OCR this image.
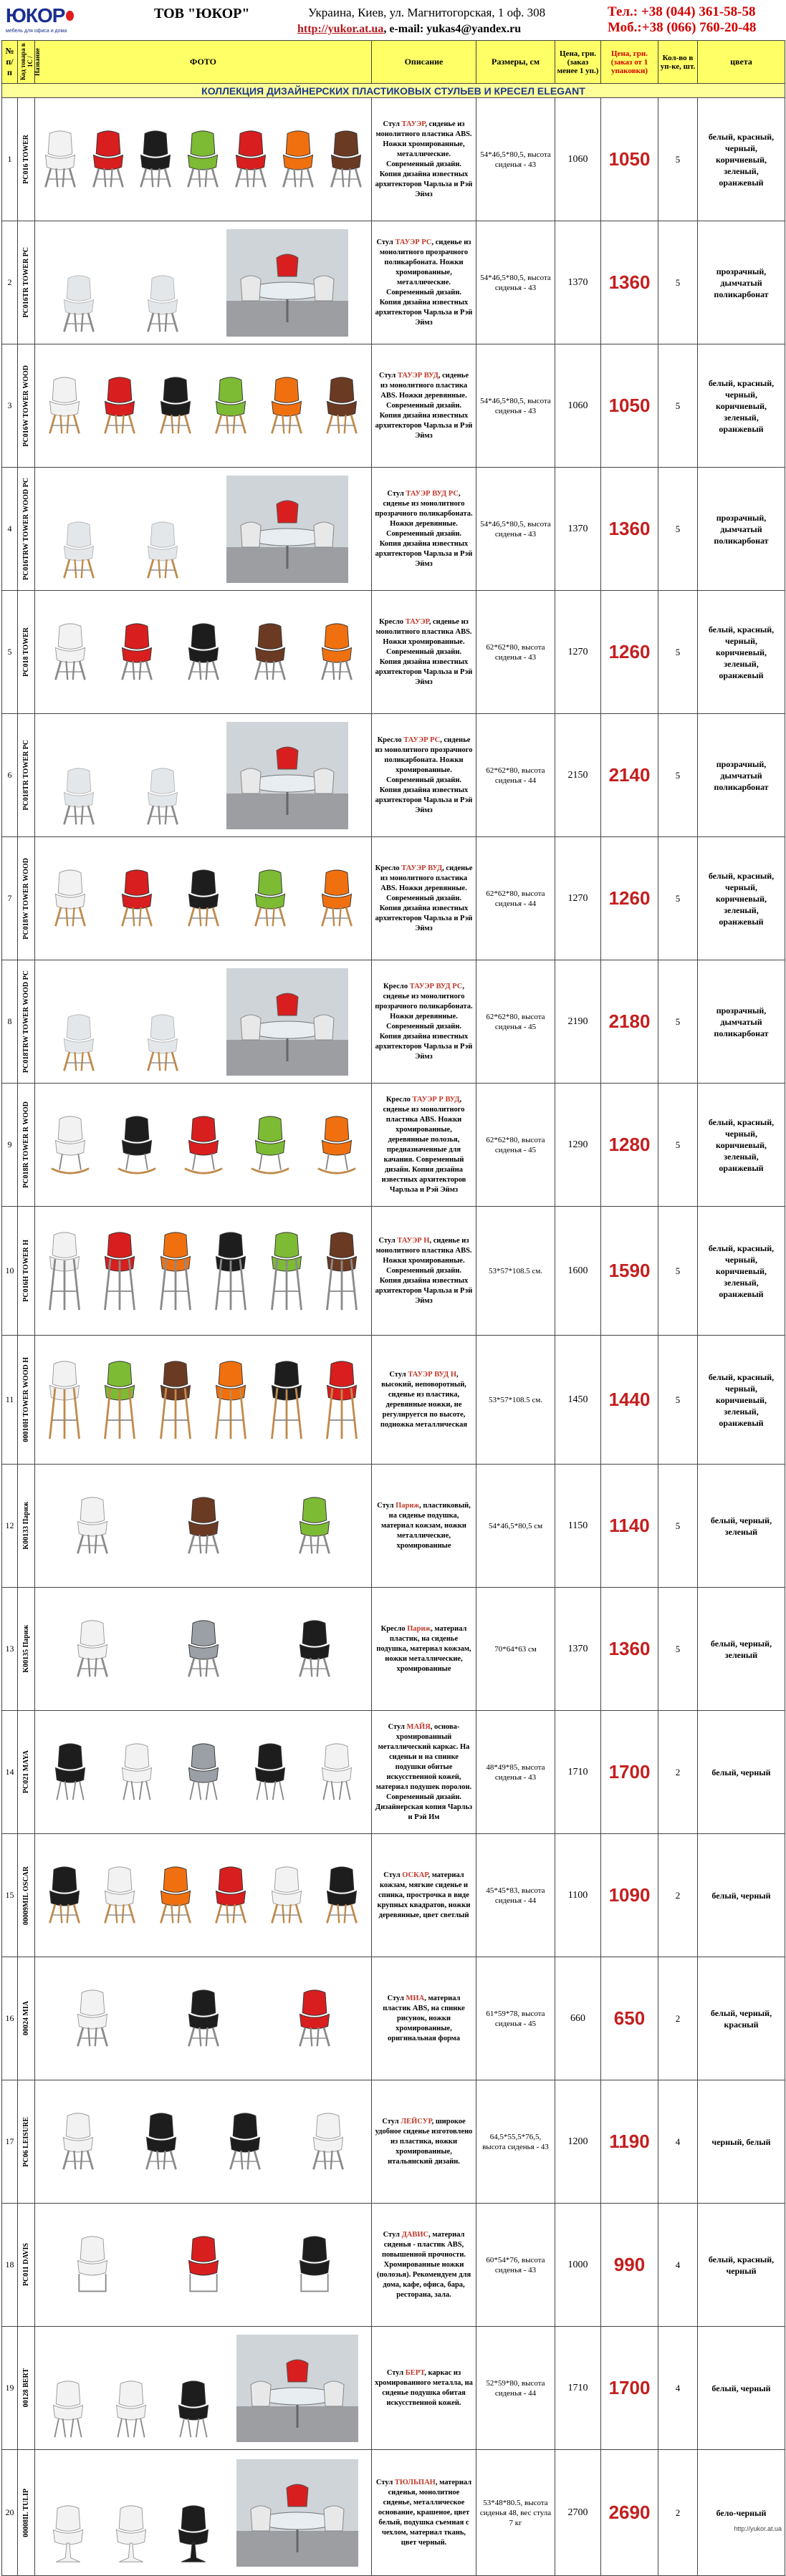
ЮКОР
мебель для офиса и дома
ТОВ "ЮКОР"	Украина, Киев, ул. Магнитогорская, 1 оф. 308
http://yukor.at.ua, e-mail: yukas4@yandex.ru
Тел.: +38 (044) 361-58-58
Моб.:+38 (066) 760-20-48
№ п/п	Код товара в 1С / Название	ФОТО	Описание	Размеры, см	Цена, грн. (заказ менее 1 уп.)	Цена, грн. (заказ от 1 упаковки)	Кол-во в уп-ке, шт.	цвета
КОЛЛЕКЦИЯ ДИЗАЙНЕРСКИХ ПЛАСТИКОВЫХ СТУЛЬЕВ И КРЕСЕЛ ELEGANT								
1	PC016 TOWER		Стул ТАУЭР, сиденье из монолитного пластика ABS. Ножки хромированные, металлические. Современный дизайн. Копия дизайна известных архитекторов Чарльза и Рэй Эймз	54*46,5*80,5, высота сиденья - 43	1060	1050	5	белый, красный, черный, коричневый, зеленый, оранжевый
2	PC016TR TOWER PC		Стул ТАУЭР РС, сиденье из монолитного прозрачного поликарбоната. Ножки хромированные, металлические. Современный дизайн. Копия дизайна известных архитекторов Чарльза и Рэй Эймз	54*46,5*80,5, высота сиденья - 43	1370	1360	5	прозрачный, дымчатый поликарбонат
3	PC016W TOWER WOOD		Стул ТАУЭР ВУД, сиденье из монолитного пластика ABS. Ножки деревянные. Современный дизайн. Копия дизайна известных архитекторов Чарльза и Рэй Эймз	54*46,5*80,5, высота сиденья - 43	1060	1050	5	белый, красный, черный, коричневый, зеленый, оранжевый
4	PC016TRW TOWER WOOD PC		Стул ТАУЭР ВУД РС, сиденье из монолитного прозрачного поликарбоната. Ножки деревянные. Современный дизайн. Копия дизайна известных архитекторов Чарльза и Рэй Эймз	54*46,5*80,5, высота сиденья - 43	1370	1360	5	прозрачный, дымчатый поликарбонат
5	PC018 TOWER		Кресло ТАУЭР, сиденье из монолитного пластика ABS. Ножки хромированные. Современный дизайн. Копия дизайна известных архитекторов Чарльза и Рэй Эймз	62*62*80, высота сиденья - 43	1270	1260	5	белый, красный, черный, коричневый, зеленый, оранжевый
6	PC018TR TOWER PC		Кресло ТАУЭР РС, сиденье из монолитного прозрачного поликарбоната. Ножки хромированные. Современный дизайн. Копия дизайна известных архитекторов Чарльза и Рэй Эймз	62*62*80, высота сиденья - 44	2150	2140	5	прозрачный, дымчатый поликарбонат
7	PC018W TOWER WOOD		Кресло ТАУЭР ВУД, сиденье из монолитного пластика ABS. Ножки деревянные. Современный дизайн. Копия дизайна известных архитекторов Чарльза и Рэй Эймз	62*62*80, высота сиденья - 44	1270	1260	5	белый, красный, черный, коричневый, зеленый, оранжевый
8	PC018TRW TOWER WOOD PC		Кресло ТАУЭР ВУД РС, сиденье из монолитного прозрачного поликарбоната. Ножки деревянные. Современный дизайн. Копия дизайна известных архитекторов Чарльза и Рэй Эймз	62*62*80, высота сиденья - 45	2190	2180	5	прозрачный, дымчатый поликарбонат
9	PC018R TOWER R WOOD		Кресло ТАУЭР Р ВУД, сиденье из монолитного пластика ABS. Ножки хромированные, деревянные полозья, предназначенные для качания. Современный дизайн. Копия дизайна известных архитекторов Чарльза и Рэй Эймз	62*62*80, высота сиденья - 45	1290	1280	5	белый, красный, черный, коричневый, зеленый, оранжевый
10	PC016H TOWER H		Стул ТАУЭР Н, сиденье из монолитного пластика ABS. Ножки хромированные. Современный дизайн. Копия дизайна известных архитекторов Чарльза и Рэй Эймз	53*57*108.5 см.	1600	1590	5	белый, красный, черный, коричневый, зеленый, оранжевый
11	00010H TOWER WOOD H		Стул ТАУЭР ВУД Н, высокий, неповоротный, сиденье из пластика, деревянные ножки, не регулируется по высоте, подножка металлическая	53*57*108.5 см.	1450	1440	5	белый, красный, черный, коричневый, зеленый, оранжевый
12	K00133 Париж		Стул Париж, пластиковый, на сиденье подушка, материал кожзам, ножки металлические, хромированные	54*46,5*80,5 см	1150	1140	5	белый, черный, зеленый
13	K00135 Париж		Кресло Париж, материал пластик, на сиденье подушка, материал кожзам, ножки металлические, хромированные	70*64*63 см	1370	1360	5	белый, черный, зеленый
14	PC021 MAYA		Стул МАЙЯ, основа- хромированный металлический каркас. На сиденьи и на спинке подушки обитые искусственной кожей, материал подушек поролон. Современный дизайн. Дизайнерская копия Чарльз и Рэй Им	48*49*85, высота сиденья - 43	1710	1700	2	белый, черный
15	00009MIL OSCAR		Стул ОСКАР, материал кожзам, мягкие сиденье и спинка, прострочка в виде крупных квадратов, ножки деревянные, цвет светлый	45*45*83, высота сиденья - 44	1100	1090	2	белый, черный
16	00024 MIA		Стул МИА, материал пластик ABS, на спинке рисунок, ножки хромированные, оригинальная форма	61*59*78, высота сиденья - 45	660	650	2	белый, черный, красный
17	PC06 LEISURE		Стул ЛЕЙСУР, широкое удобное сиденье изготовлено из пластика, ножки хромированные, итальянский дизайн.	64,5*55,5*76,5, высота сиденья - 43	1200	1190	4	черный, белый
18	PC011 DAVIS		Стул ДАВИС, материал сиденья - пластик ABS, повышенной прочности. Хромированные ножки (полозья). Рекомендуем для дома, кафе, офиса, бара, ресторана, зала.	60*54*76, высота сиденья - 43	1000	990	4	белый, красный, черный
19	00128 BERT		Стул БЕРТ, каркас из хромированного металла, на сиденье подушка обитая искусственной кожей.	52*59*80, высота сиденья - 44	1710	1700	4	белый, черный
20	00008IL TULIP		Стул ТЮЛЬПАН, материал сиденья, монолитное сиденье, металлическое основание, крашеное, цвет белый, подушка съемная с чехлом, материал ткань, цвет черный.	53*48*80.5, высота сиденья 48, вес стула 7 кг	2700	2690	2	бело-черный
http://yukor.at.ua
